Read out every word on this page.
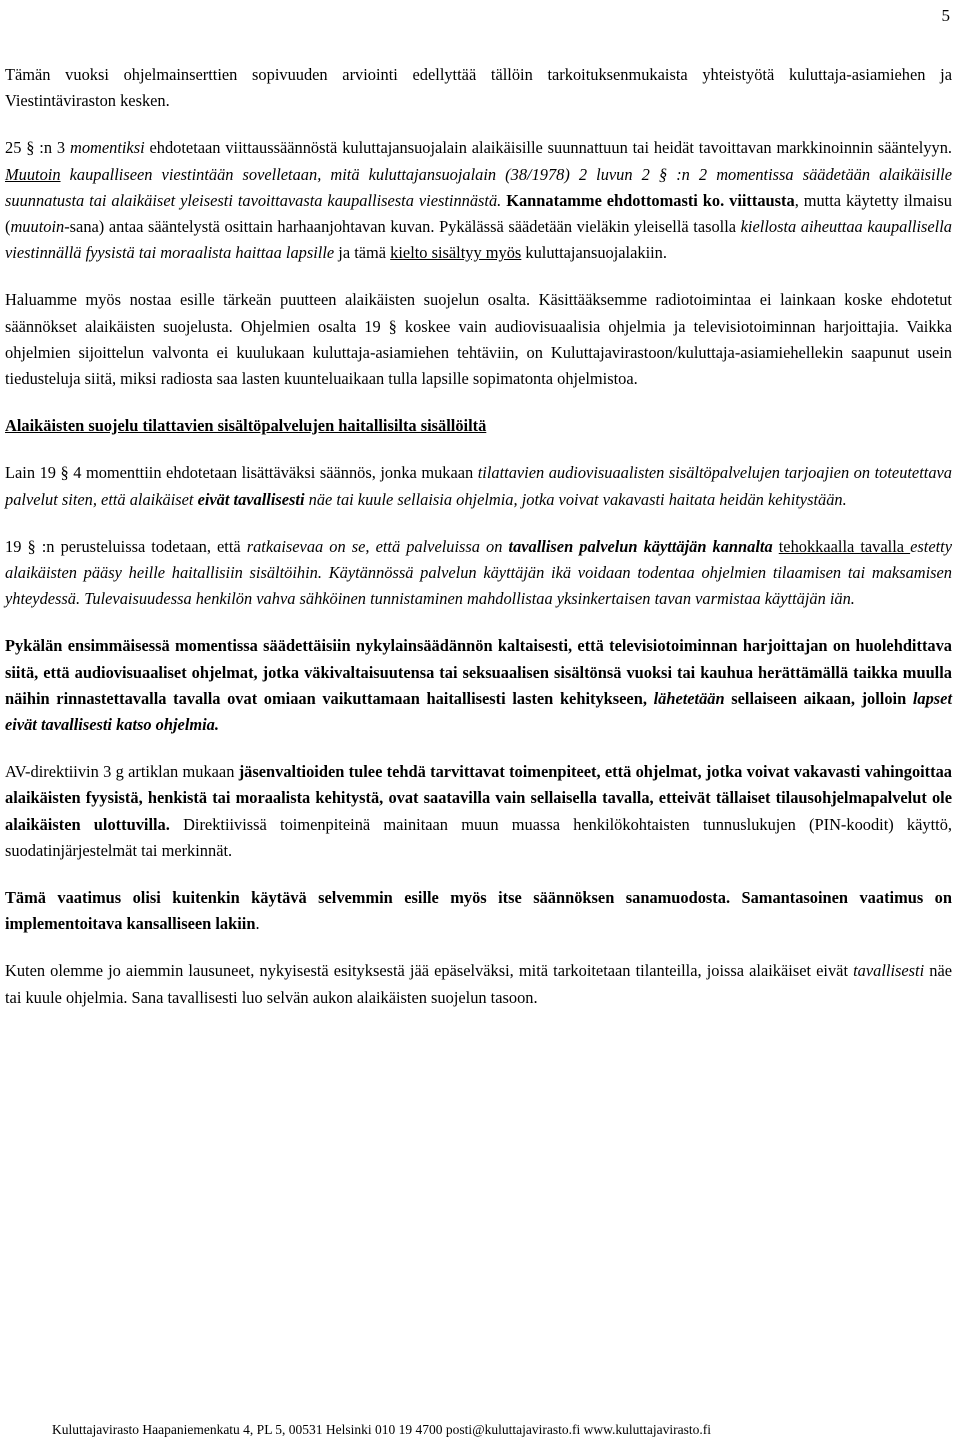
5

Tämän vuoksi ohjelmainserttien sopivuuden arviointi edellyttää tällöin tarkoituksenmukaista yhteistyötä kuluttaja-asiamiehen ja Viestintäviraston kesken.

25 § :n 3 momentiksi ehdotetaan viittaussäännöstä kuluttajansuojalain alaikäisille suunnattuun tai heidät tavoittavan markkinoinnin sääntelyyn. Muutoin kaupalliseen viestintään sovelletaan, mitä kuluttajansuojalain (38/1978) 2 luvun 2 § :n 2 momentissa säädetään alaikäisille suunnatusta tai alaikäiset yleisesti tavoittavasta kaupallisesta viestinnästä. Kannatamme ehdottomasti ko. viittausta, mutta käytetty ilmaisu (muutoin-sana) antaa sääntelystä osittain harhaanjohtavan kuvan. Pykälässä säädetään vieläkin yleisellä tasolla kiellosta aiheuttaa kaupallisella viestinnällä fyysistä tai moraalista haittaa lapsille ja tämä kielto sisältyy myös kuluttajansuojalakiin.

Haluamme myös nostaa esille tärkeän puutteen alaikäisten suojelun osalta. Käsittääksemme radiotoimintaa ei lainkaan koske ehdotetut säännökset alaikäisten suojelusta. Ohjelmien osalta 19 § koskee vain audiovisuaalisia ohjelmia ja televisiotoiminnan harjoittajia. Vaikka ohjelmien sijoittelun valvonta ei kuulukaan kuluttaja-asiamiehen tehtäviin, on Kuluttajavirastoon/kuluttaja-asiamiehellekin saapunut usein tiedusteluja siitä, miksi radiosta saa lasten kuunteluaikaan tulla lapsille sopimatonta ohjelmistoa.

Alaikäisten suojelu tilattavien sisältöpalvelujen haitallisilta sisällöiltä

Lain 19 § 4 momenttiin ehdotetaan lisättäväksi säännös, jonka mukaan tilattavien audiovisuaalisten sisältöpalvelujen tarjoajien on toteutettava palvelut siten, että alaikäiset eivät tavallisesti näe tai kuule sellaisia ohjelmia, jotka voivat vakavasti haitata heidän kehitystään.

19 § :n perusteluissa todetaan, että ratkaisevaa on se, että palveluissa on tavallisen palvelun käyttäjän kannalta tehokkaalla tavalla estetty alaikäisten pääsy heille haitallisiin sisältöihin. Käytännössä palvelun käyttäjän ikä voidaan todentaa ohjelmien tilaamisen tai maksamisen yhteydessä. Tulevaisuudessa henkilön vahva sähköinen tunnistaminen mahdollistaa yksinkertaisen tavan varmistaa käyttäjän iän.

Pykälän ensimmäisessä momentissa säädettäisiin nykylainsäädännön kaltaisesti, että televisiotoiminnan harjoittajan on huolehdittava siitä, että audiovisuaaliset ohjelmat, jotka väkivaltaisuutensa tai seksuaalisen sisältönsä vuoksi tai kauhua herättämällä taikka muulla näihin rinnastettavalla tavalla ovat omiaan vaikuttamaan haitallisesti lasten kehitykseen, lähetetään sellaiseen aikaan, jolloin lapset eivät tavallisesti katso ohjelmia.

AV-direktiivin 3 g artiklan mukaan jäsenvaltioiden tulee tehdä tarvittavat toimenpiteet, että ohjelmat, jotka voivat vakavasti vahingoittaa alaikäisten fyysistä, henkistä tai moraalista kehitystä, ovat saatavilla vain sellaisella tavalla, etteivät tällaiset tilausohjelmapalvelut ole alaikäisten ulottuvilla. Direktiivissä toimenpiteinä mainitaan muun muassa henkilökohtaisten tunnuslukujen (PIN-koodit) käyttö, suodatinjärjestelmät tai merkinnät.

Tämä vaatimus olisi kuitenkin käytävä selvemmin esille myös itse säännöksen sanamuodosta. Samantasoinen vaatimus on implementoitava kansalliseen lakiin.

Kuten olemme jo aiemmin lausuneet, nykyisestä esityksestä jää epäselväksi, mitä tarkoitetaan tilanteilla, joissa alaikäiset eivät tavallisesti näe tai kuule ohjelmia. Sana tavallisesti luo selvän aukon alaikäisten suojelun tasoon.

Kuluttajavirasto Haapaniemenkatu 4, PL 5, 00531 Helsinki 010 19 4700 posti@kuluttajavirasto.fi www.kuluttajavirasto.fi
